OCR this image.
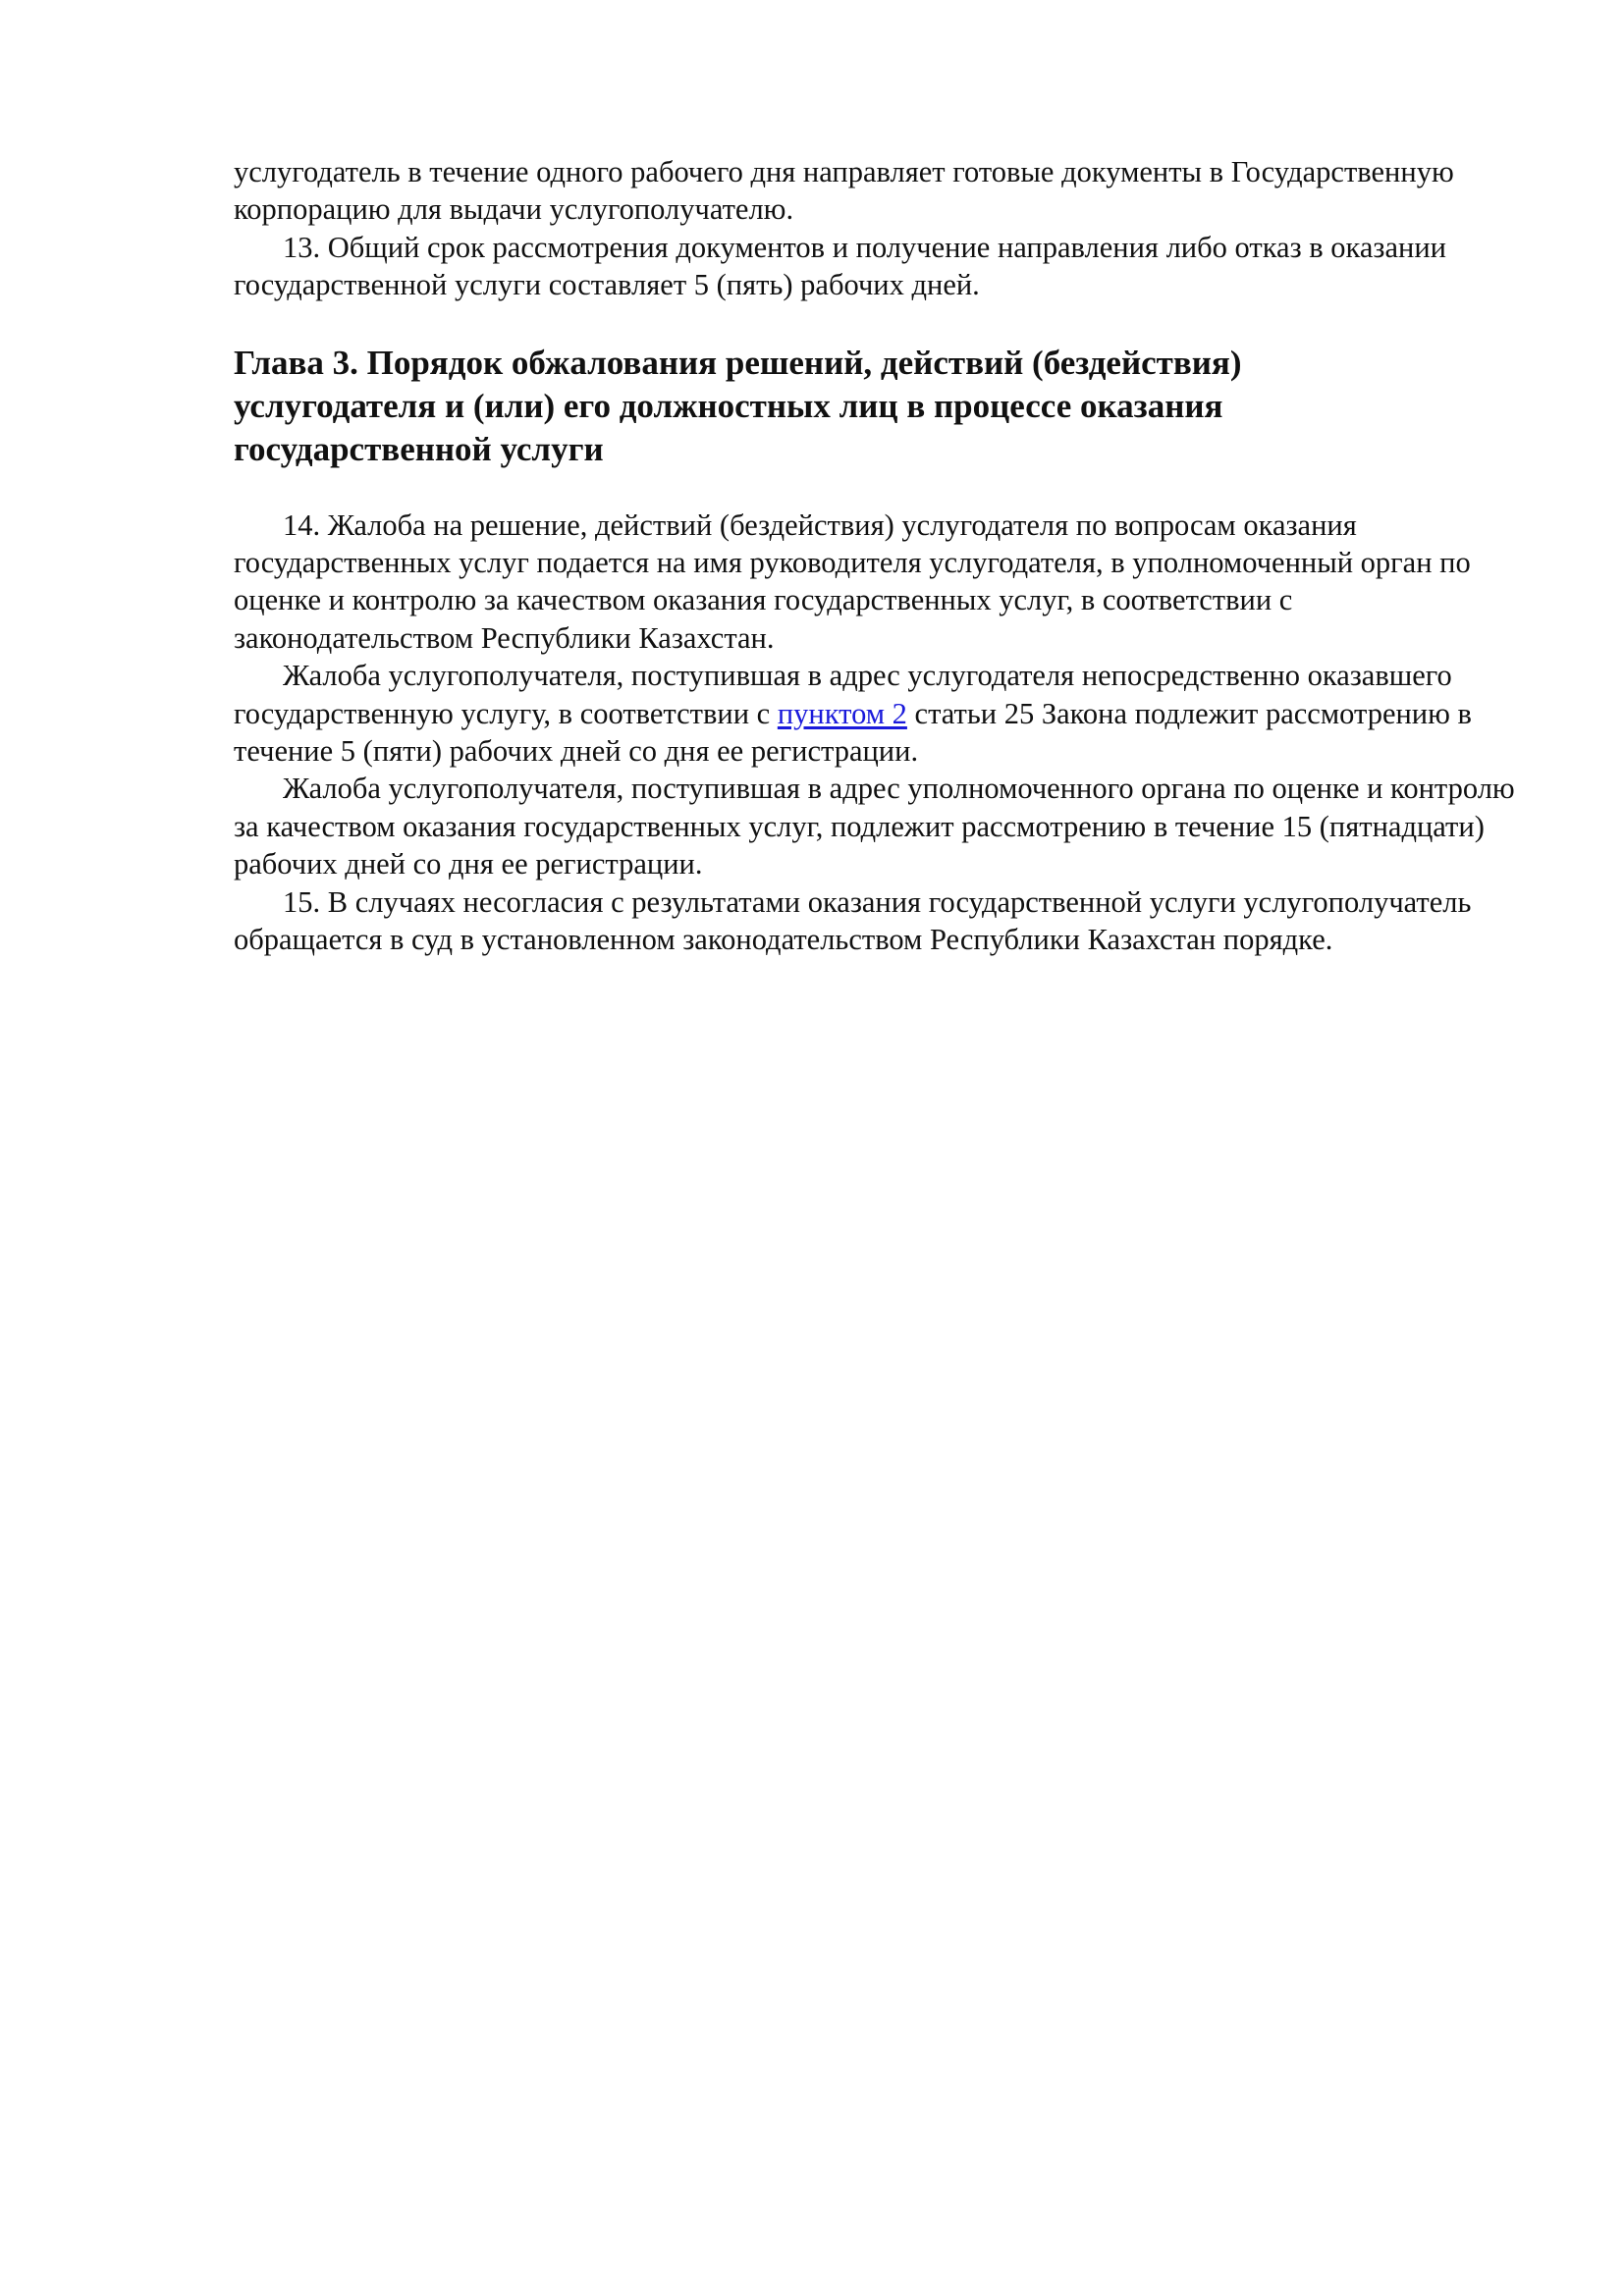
услугодатель в течение одного рабочего дня направляет готовые документы в Государственную корпорацию для выдачи услугополучателю.

13. Общий срок рассмотрения документов и получение направления либо отказ в оказании государственной услуги составляет 5 (пять) рабочих дней.

Глава 3. Порядок обжалования решений, действий (бездействия) услугодателя и (или) его должностных лиц в процессе оказания государственной услуги

14. Жалоба на решение, действий (бездействия) услугодателя по вопросам оказания государственных услуг подается на имя руководителя услугодателя, в уполномоченный орган по оценке и контролю за качеством оказания государственных услуг, в соответствии с законодательством Республики Казахстан.

Жалоба услугополучателя, поступившая в адрес услугодателя непосредственно оказавшего государственную услугу, в соответствии с пунктом 2 статьи 25 Закона подлежит рассмотрению в течение 5 (пяти) рабочих дней со дня ее регистрации.

Жалоба услугополучателя, поступившая в адрес уполномоченного органа по оценке и контролю за качеством оказания государственных услуг, подлежит рассмотрению в течение 15 (пятнадцати) рабочих дней со дня ее регистрации.

15. В случаях несогласия с результатами оказания государственной услуги услугополучатель обращается в суд в установленном законодательством Республики Казахстан порядке.
